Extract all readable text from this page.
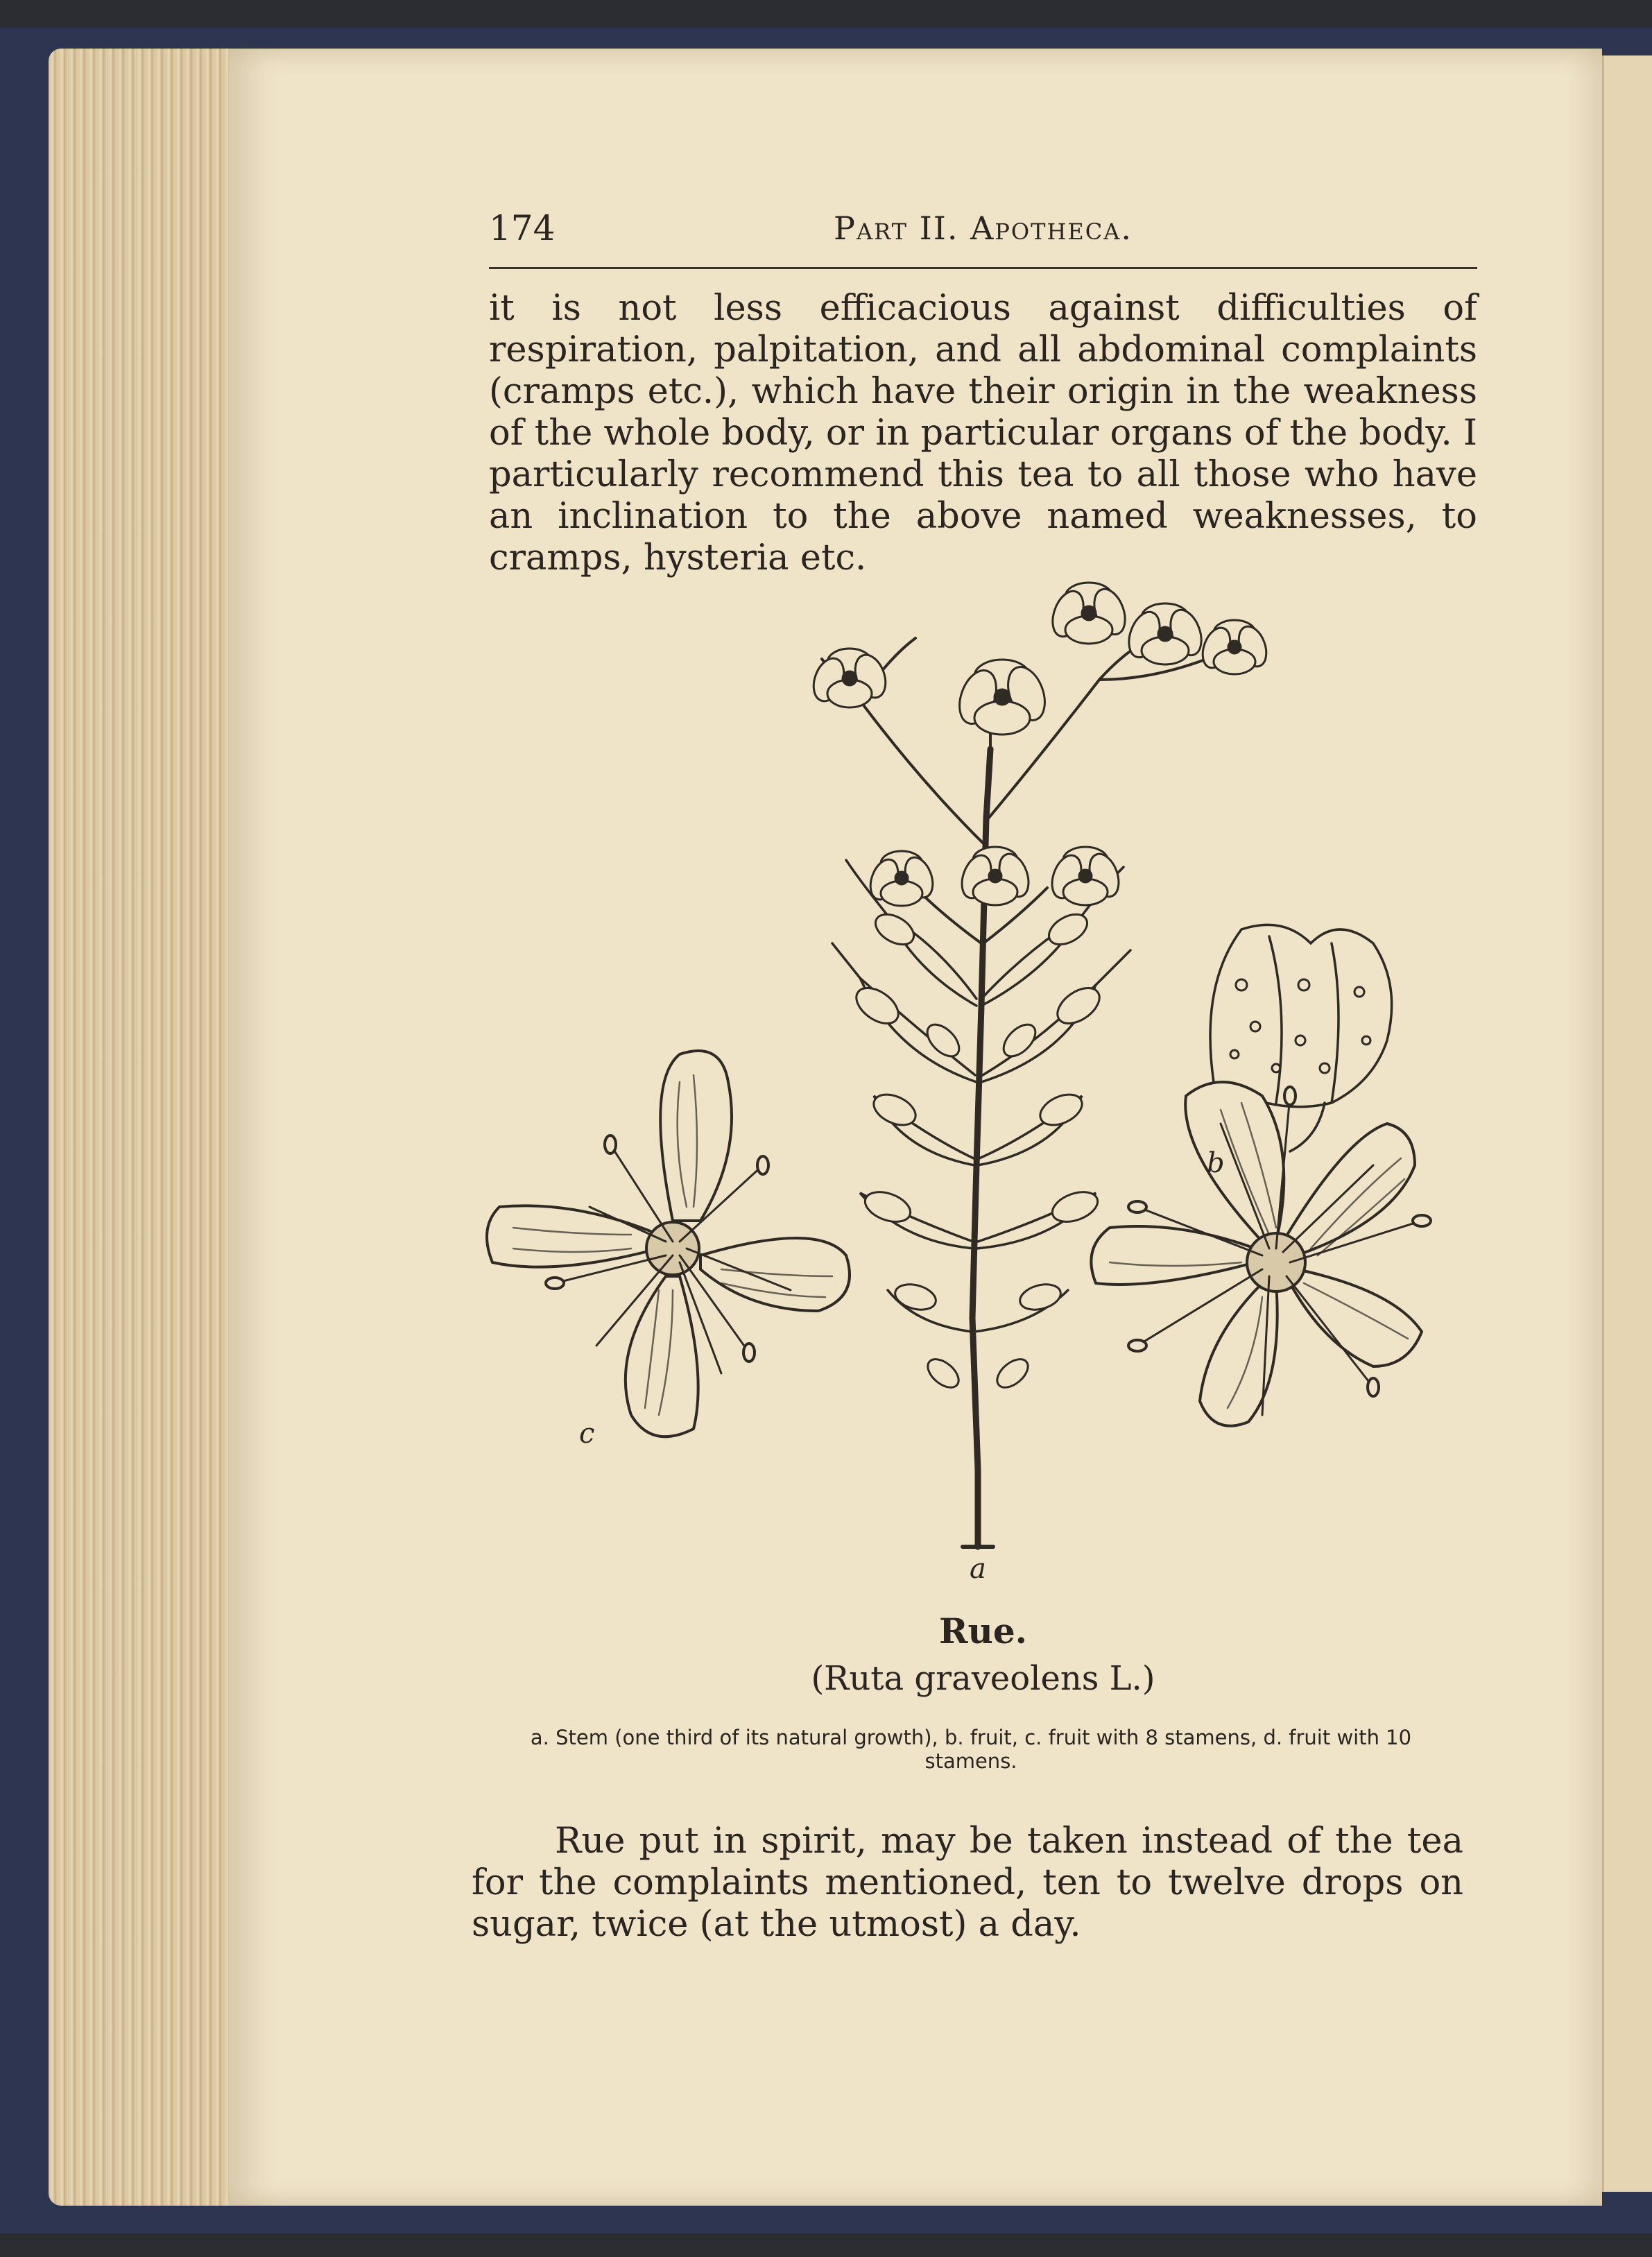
174	Part II. Apotheca.
it is not less efficacious against difficulties of respiration, palpitation, and all abdominal complaints (cramps etc.), which have their origin in the weakness of the whole body, or in particular organs of the body. I particularly recommend this tea to all those who have an inclination to the above named weaknesses, to cramps, hysteria etc.
a
b
c
Rue.
(Ruta graveolens L.)
a. Stem (one third of its natural growth), b. fruit, c. fruit with 8 stamens, d. fruit with 10 stamens.
Rue put in spirit, may be taken instead of the tea for the complaints mentioned, ten to twelve drops on sugar, twice (at the utmost) a day.
